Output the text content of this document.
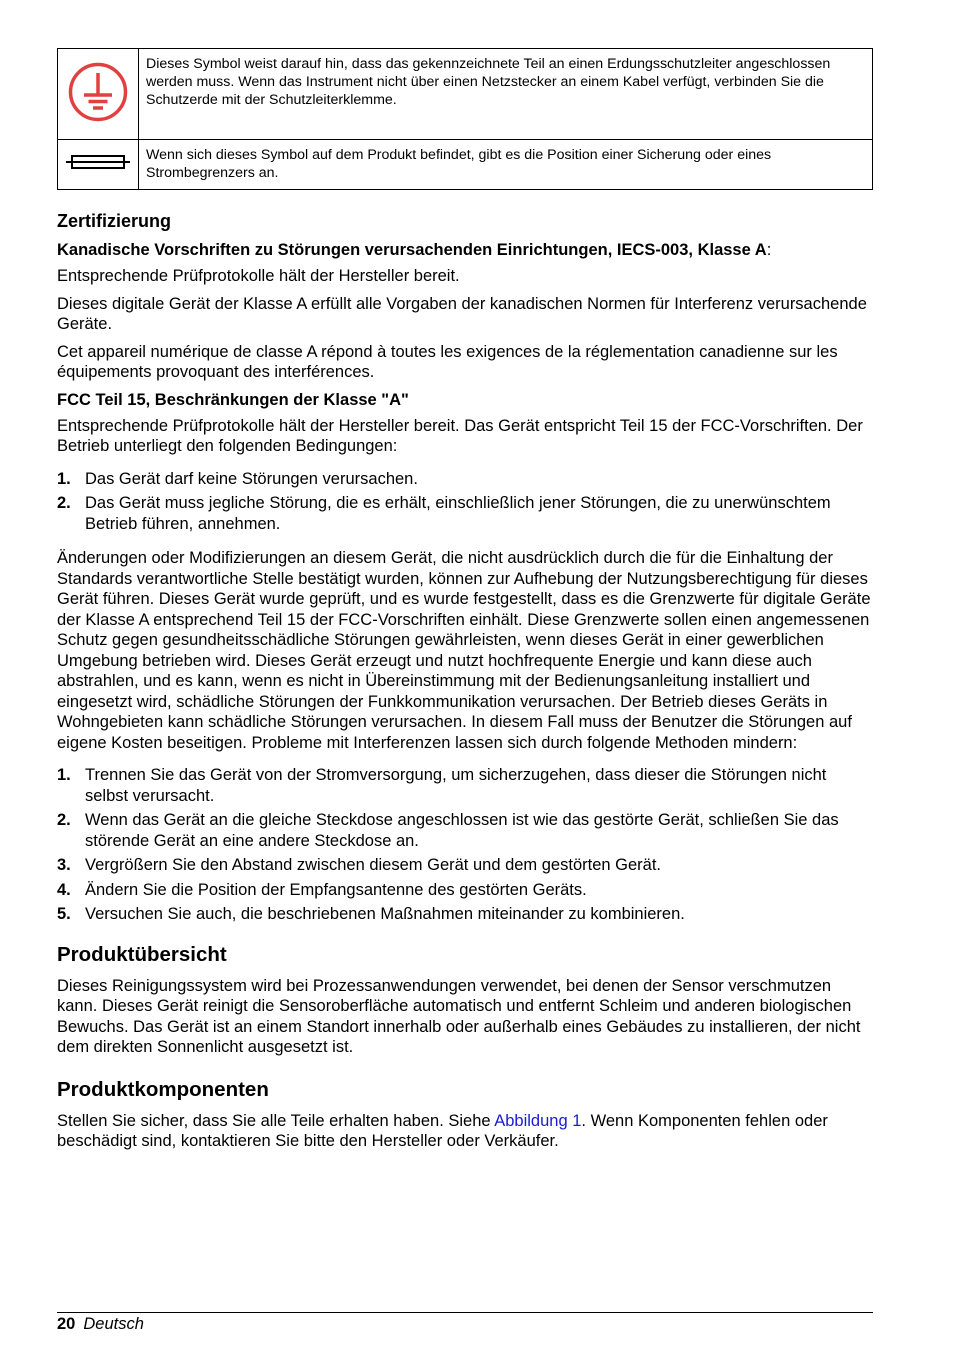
	Dieses Symbol weist darauf hin, dass das gekennzeichnete Teil an einen Erdungsschutzleiter angeschlossen werden muss. Wenn das Instrument nicht über einen Netzstecker an einem Kabel verfügt, verbinden Sie die Schutzerde mit der Schutzleiterklemme.
	Wenn sich dieses Symbol auf dem Produkt befindet, gibt es die Position einer Sicherung oder eines Strombegrenzers an.
Zertifizierung
Kanadische Vorschriften zu Störungen verursachenden Einrichtungen, IECS-003, Klasse A:

Entsprechende Prüfprotokolle hält der Hersteller bereit.

Dieses digitale Gerät der Klasse A erfüllt alle Vorgaben der kanadischen Normen für Interferenz verursachende Geräte.

Cet appareil numérique de classe A répond à toutes les exigences de la réglementation canadienne sur les équipements provoquant des interférences.

FCC Teil 15, Beschränkungen der Klasse "A"

Entsprechende Prüfprotokolle hält der Hersteller bereit. Das Gerät entspricht Teil 15 der FCC-Vorschriften. Der Betrieb unterliegt den folgenden Bedingungen:

1. Das Gerät darf keine Störungen verursachen.
2. Das Gerät muss jegliche Störung, die es erhält, einschließlich jener Störungen, die zu unerwünschtem Betrieb führen, annehmen.

Änderungen oder Modifizierungen an diesem Gerät, die nicht ausdrücklich durch die für die Einhaltung der Standards verantwortliche Stelle bestätigt wurden, können zur Aufhebung der Nutzungsberechtigung für dieses Gerät führen. Dieses Gerät wurde geprüft, und es wurde festgestellt, dass es die Grenzwerte für digitale Geräte der Klasse A entsprechend Teil 15 der FCC-Vorschriften einhält. Diese Grenzwerte sollen einen angemessenen Schutz gegen gesundheitsschädliche Störungen gewährleisten, wenn dieses Gerät in einer gewerblichen Umgebung betrieben wird. Dieses Gerät erzeugt und nutzt hochfrequente Energie und kann diese auch abstrahlen, und es kann, wenn es nicht in Übereinstimmung mit der Bedienungsanleitung installiert und eingesetzt wird, schädliche Störungen der Funkkommunikation verursachen. Der Betrieb dieses Geräts in Wohngebieten kann schädliche Störungen verursachen. In diesem Fall muss der Benutzer die Störungen auf eigene Kosten beseitigen. Probleme mit Interferenzen lassen sich durch folgende Methoden mindern:

1. Trennen Sie das Gerät von der Stromversorgung, um sicherzugehen, dass dieser die Störungen nicht selbst verursacht.
2. Wenn das Gerät an die gleiche Steckdose angeschlossen ist wie das gestörte Gerät, schließen Sie das störende Gerät an eine andere Steckdose an.
3. Vergrößern Sie den Abstand zwischen diesem Gerät und dem gestörten Gerät.
4. Ändern Sie die Position der Empfangsantenne des gestörten Geräts.
5. Versuchen Sie auch, die beschriebenen Maßnahmen miteinander zu kombinieren.
Produktübersicht

Dieses Reinigungssystem wird bei Prozessanwendungen verwendet, bei denen der Sensor verschmutzen kann. Dieses Gerät reinigt die Sensoroberfläche automatisch und entfernt Schleim und anderen biologischen Bewuchs. Das Gerät ist an einem Standort innerhalb oder außerhalb eines Gebäudes zu installieren, der nicht dem direkten Sonnenlicht ausgesetzt ist.

Produktkomponenten

Stellen Sie sicher, dass Sie alle Teile erhalten haben. Siehe Abbildung 1. Wenn Komponenten fehlen oder beschädigt sind, kontaktieren Sie bitte den Hersteller oder Verkäufer.

20 Deutsch
